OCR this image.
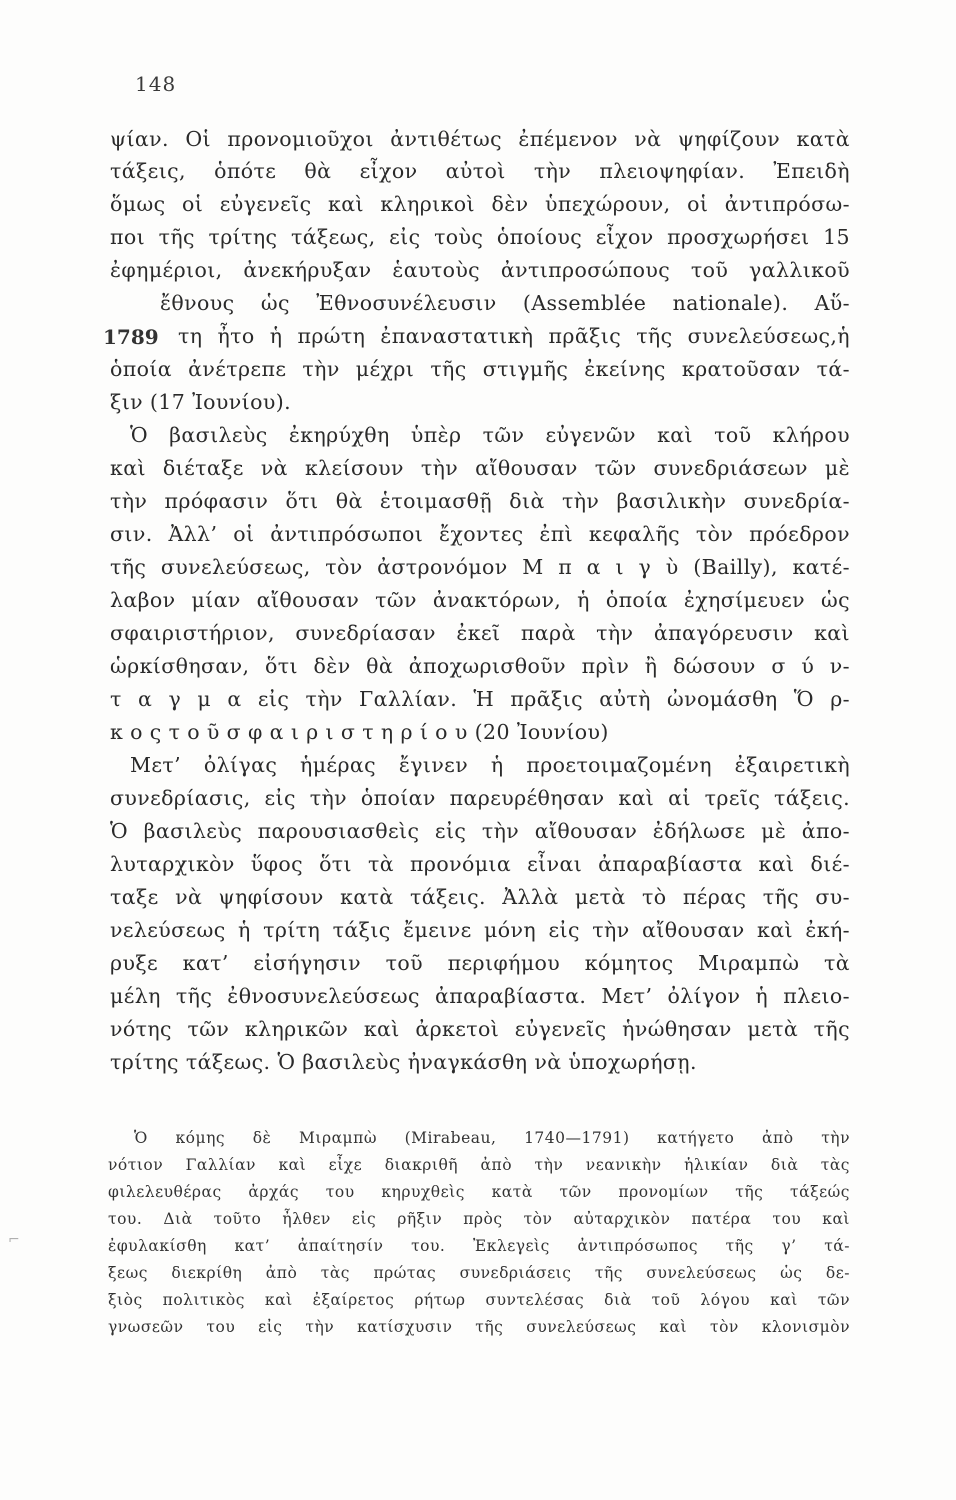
148
1789
⌐
ψίαν. Οἱ προνομιοῦχοι ἀντιθέτως ἐπέμενον νὰ ψηφίζουν κατὰ
τάξεις, ὁπότε θὰ εἶχον αὐτοὶ τὴν πλειοψηφίαν. Ἐπειδὴ
ὅμως οἱ εὐγενεῖς καὶ κληρικοὶ δὲν ὑπεχώρουν, οἱ ἀντιπρόσω-
ποι τῆς τρίτης τάξεως, εἰς τοὺς ὁποίους εἶχον προσχωρήσει 15
ἐφημέριοι, ἀνεκήρυξαν ἑαυτοὺς ἀντιπροσώπους τοῦ γαλλικοῦ
ἔθνους ὡς Ἐθνοσυνέλευσιν (Assemblée nationale). Αὕ-
τη ἦτο ἡ πρώτη ἐπαναστατικὴ πρᾶξις τῆς συνελεύσεως,ἡ
ὁποία ἀνέτρεπε τὴν μέχρι τῆς στιγμῆς ἐκείνης κρατοῦσαν τά-
ξιν (17 Ἰουνίου).
Ὁ βασιλεὺς ἐκηρύχθη ὑπὲρ τῶν εὐγενῶν καὶ τοῦ κλήρου
καὶ διέταξε νὰ κλείσουν τὴν αἴθουσαν τῶν συνεδριάσεων μὲ
τὴν πρόφασιν ὅτι θὰ ἑτοιμασθῇ διὰ τὴν βασιλικὴν συνεδρία-
σιν. Ἀλλ’ οἱ ἀντιπρόσωποι ἔχοντες ἐπὶ κεφαλῆς τὸν πρόεδρον
τῆς συνελεύσεως, τὸν ἀστρονόμον Μ π α ι γ ὺ (Bailly), κατέ-
λαβον μίαν αἴθουσαν τῶν ἀνακτόρων, ἡ ὁποία ἐχησίμευεν ὡς
σφαιριστήριον, συνεδρίασαν ἐκεῖ παρὰ τὴν ἀπαγόρευσιν καὶ
ὡρκίσθησαν, ὅτι δὲν θὰ ἀποχωρισθοῦν πρὶν ἢ δώσουν σ ύ ν-
τ α γ μ α εἰς τὴν Γαλλίαν. Ἡ πρᾶξις αὐτὴ ὠνομάσθη Ὅ ρ-
κ ο ς τ ο ῦ σ φ α ι ρ ι σ τ η ρ ί ο υ (20 Ἰουνίου)
Μετ’ ὀλίγας ἡμέρας ἔγινεν ἡ προετοιμαζομένη ἐξαιρετικὴ
συνεδρίασις, εἰς τὴν ὁποίαν παρευρέθησαν καὶ αἱ τρεῖς τάξεις.
Ὁ βασιλεὺς παρουσιασθεὶς εἰς τὴν αἴθουσαν ἐδήλωσε μὲ ἀπο-
λυταρχικὸν ὕφος ὅτι τὰ προνόμια εἶναι ἀπαραβίαστα καὶ διέ-
ταξε νὰ ψηφίσουν κατὰ τάξεις. Ἀλλὰ μετὰ τὸ πέρας τῆς συ-
νελεύσεως ἡ τρίτη τάξις ἔμεινε μόνη εἰς τὴν αἴθουσαν καὶ ἐκή-
ρυξε κατ’ εἰσήγησιν τοῦ περιφήμου κόμητος Μιραμπὼ τὰ
μέλη τῆς ἐθνοσυνελεύσεως ἀπαραβίαστα. Μετ’ ὀλίγον ἡ πλειο-
νότης τῶν κληρικῶν καὶ ἀρκετοὶ εὐγενεῖς ἡνώθησαν μετὰ τῆς
τρίτης τάξεως. Ὁ βασιλεὺς ἠναγκάσθη νὰ ὑποχωρήσῃ.
Ὁ κόμης δὲ Μιραμπὼ (Mirabeau, 1740—1791) κατήγετο ἀπὸ τὴν
νότιον Γαλλίαν καὶ εἶχε διακριθῆ ἀπὸ τὴν νεανικὴν ἡλικίαν διὰ τὰς
φιλελευθέρας ἀρχάς του κηρυχθεὶς κατὰ τῶν προνομίων τῆς τάξεώς
του. Διὰ τοῦτο ἦλθεν εἰς ρῆξιν πρὸς τὸν αὐταρχικὸν πατέρα του καὶ
ἐφυλακίσθη κατ’ ἀπαίτησίν του. Ἐκλεγεὶς ἀντιπρόσωπος τῆς γ’ τά-
ξεως διεκρίθη ἀπὸ τὰς πρώτας συνεδριάσεις τῆς συνελεύσεως ὡς δε-
ξιὸς πολιτικὸς καὶ ἐξαίρετος ρήτωρ συντελέσας διὰ τοῦ λόγου καὶ τῶν
γνωσεῶν του εἰς τὴν κατίσχυσιν τῆς συνελεύσεως καὶ τὸν κλονισμὸν
